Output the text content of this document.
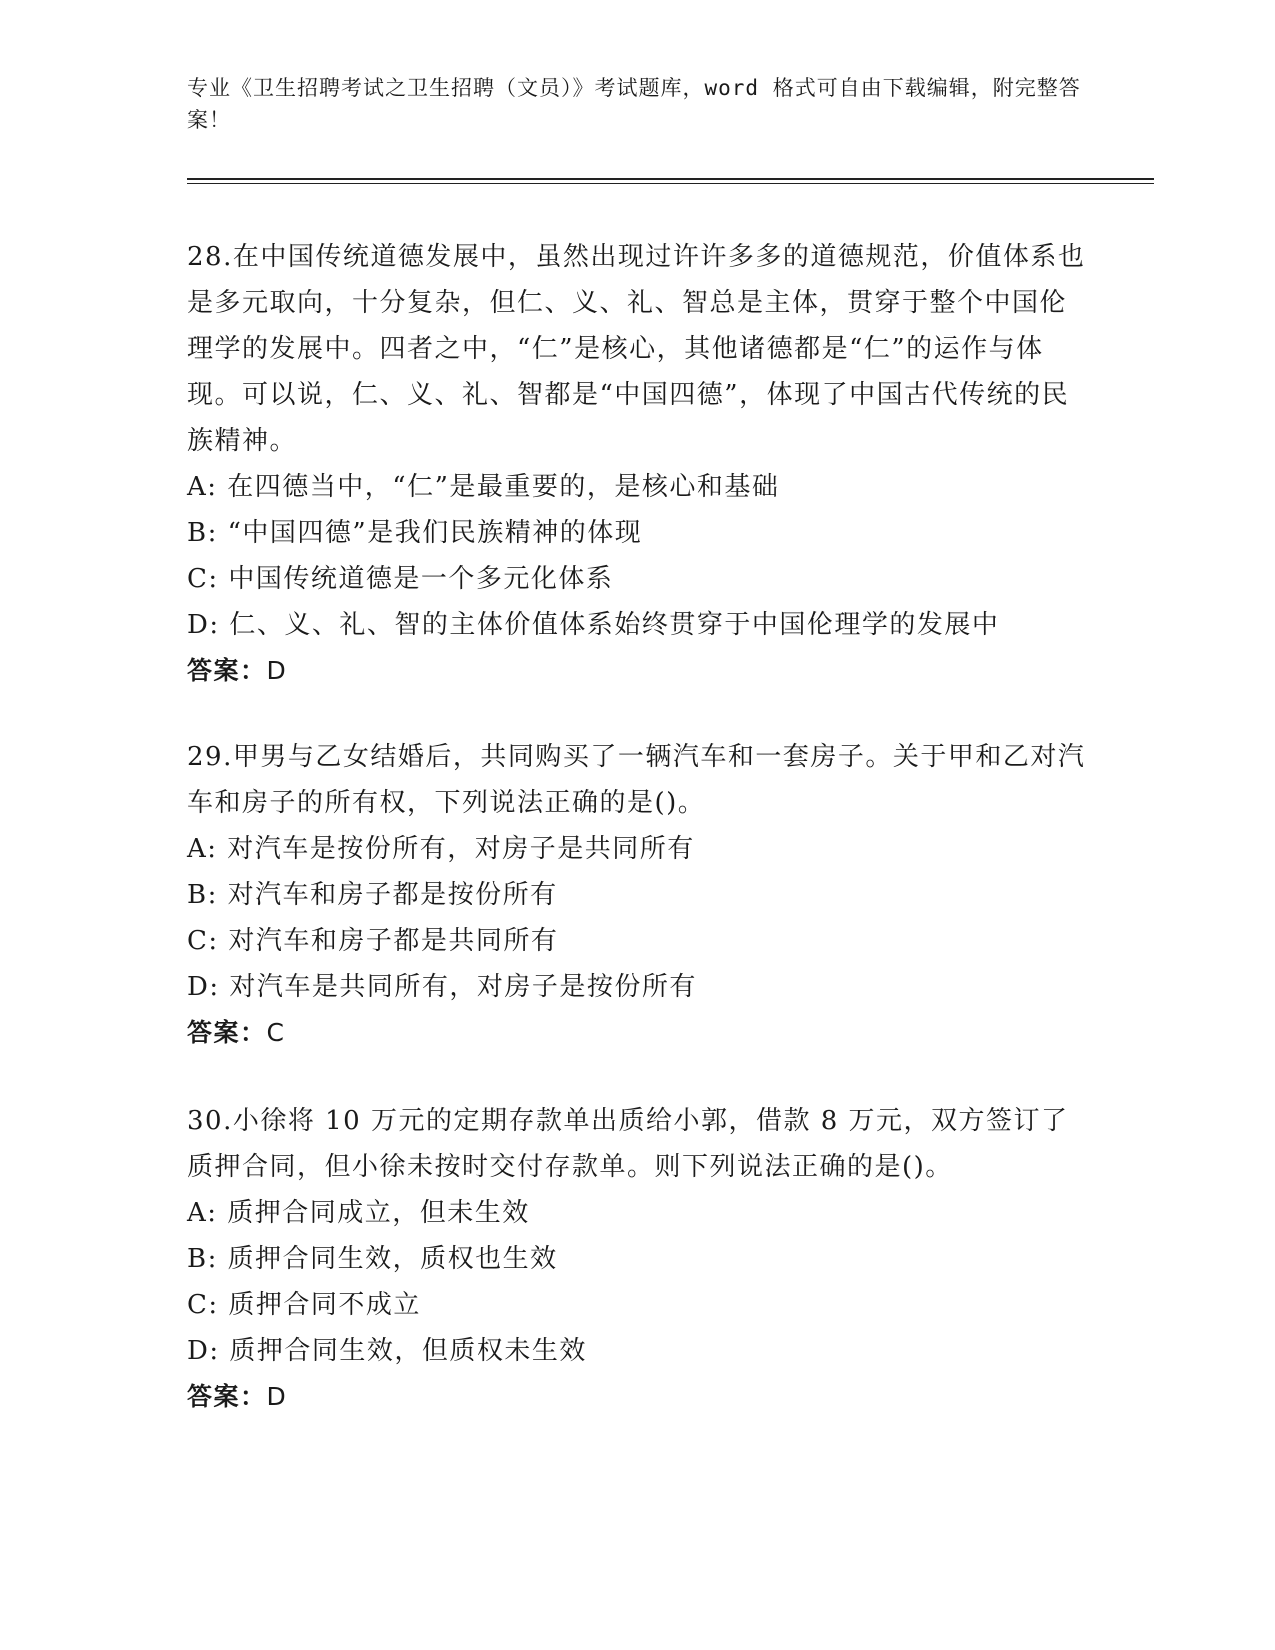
专业《卫生招聘考试之卫生招聘（文员）》考试题库，word 格式可自由下载编辑，附完整答案！

28.在中国传统道德发展中，虽然出现过许许多多的道德规范，价值体系也是多元取向，十分复杂，但仁、义、礼、智总是主体，贯穿于整个中国伦理学的发展中。四者之中，“仁”是核心，其他诸德都是“仁”的运作与体现。可以说，仁、义、礼、智都是“中国四德”，体现了中国古代传统的民族精神。

A: 在四德当中，“仁”是最重要的，是核心和基础

B: “中国四德”是我们民族精神的体现

C: 中国传统道德是一个多元化体系

D: 仁、义、礼、智的主体价值体系始终贯穿于中国伦理学的发展中

答案：D

29.甲男与乙女结婚后，共同购买了一辆汽车和一套房子。关于甲和乙对汽车和房子的所有权，下列说法正确的是()。

A: 对汽车是按份所有，对房子是共同所有

B: 对汽车和房子都是按份所有

C: 对汽车和房子都是共同所有

D: 对汽车是共同所有，对房子是按份所有

答案：C

30.小徐将 10 万元的定期存款单出质给小郭，借款 8 万元，双方签订了质押合同，但小徐未按时交付存款单。则下列说法正确的是()。

A: 质押合同成立，但未生效

B: 质押合同生效，质权也生效

C: 质押合同不成立

D: 质押合同生效，但质权未生效

答案：D
